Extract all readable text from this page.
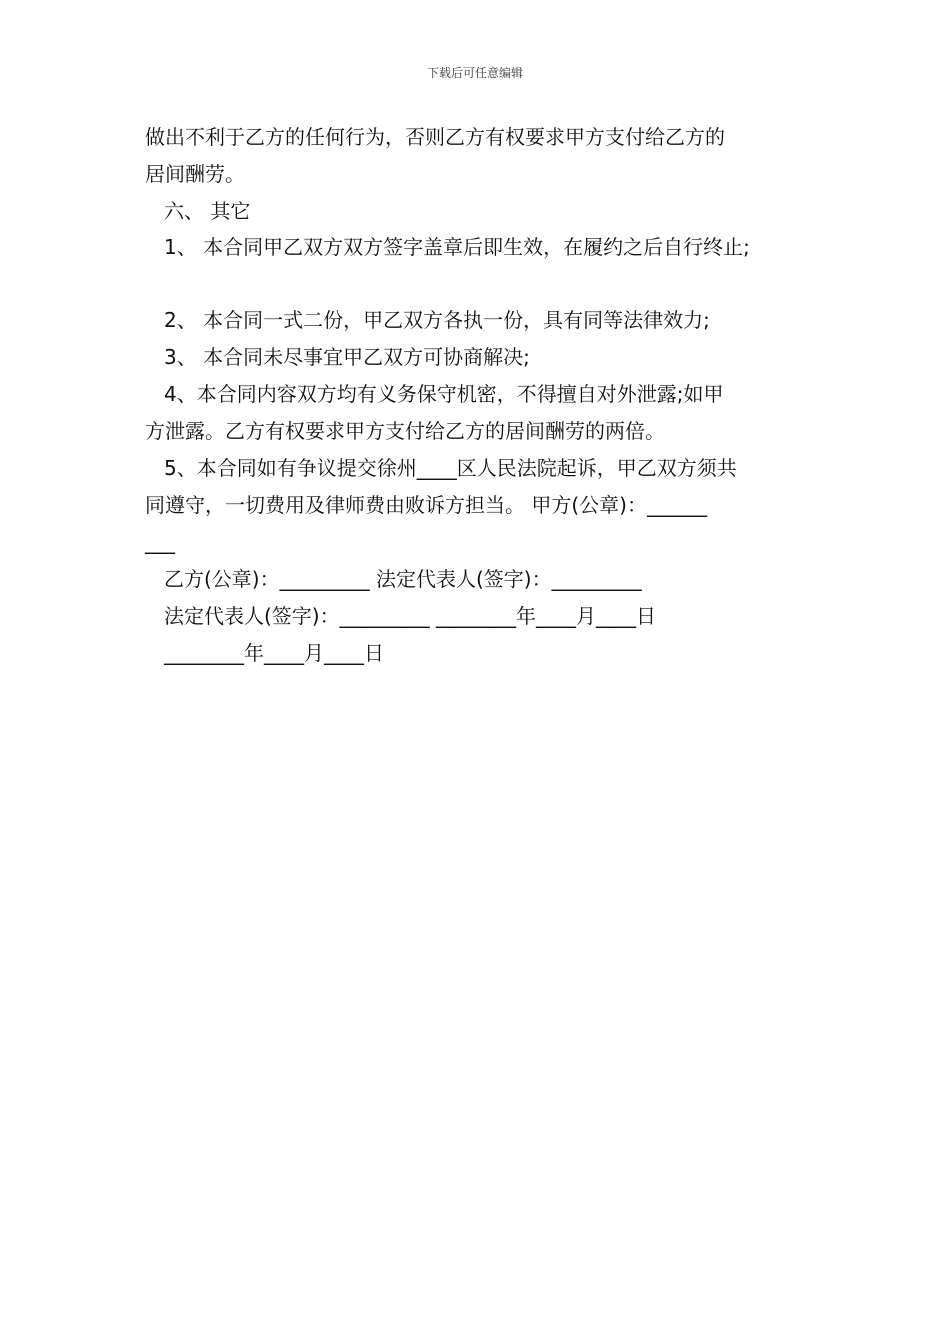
下载后可任意编辑
做出不利于乙方的任何行为，否则乙方有权要求甲方支付给乙方的
居间酬劳。
六、 其它
1、 本合同甲乙双方双方签字盖章后即生效，在履约之后自行终止;
2、 本合同一式二份，甲乙双方各执一份，具有同等法律效力;
3、 本合同未尽事宜甲乙双方可协商解决;
4、本合同内容双方均有义务保守机密，不得擅自对外泄露;如甲
方泄露。乙方有权要求甲方支付给乙方的居间酬劳的两倍。
5、本合同如有争议提交徐州____区人民法院起诉，甲乙双方须共
同遵守，一切费用及律师费由败诉方担当。 甲方(公章)：______
___
乙方(公章)：_________ 法定代表人(签字)：_________
法定代表人(签字)：_________ ________年____月____日
________年____月____日
